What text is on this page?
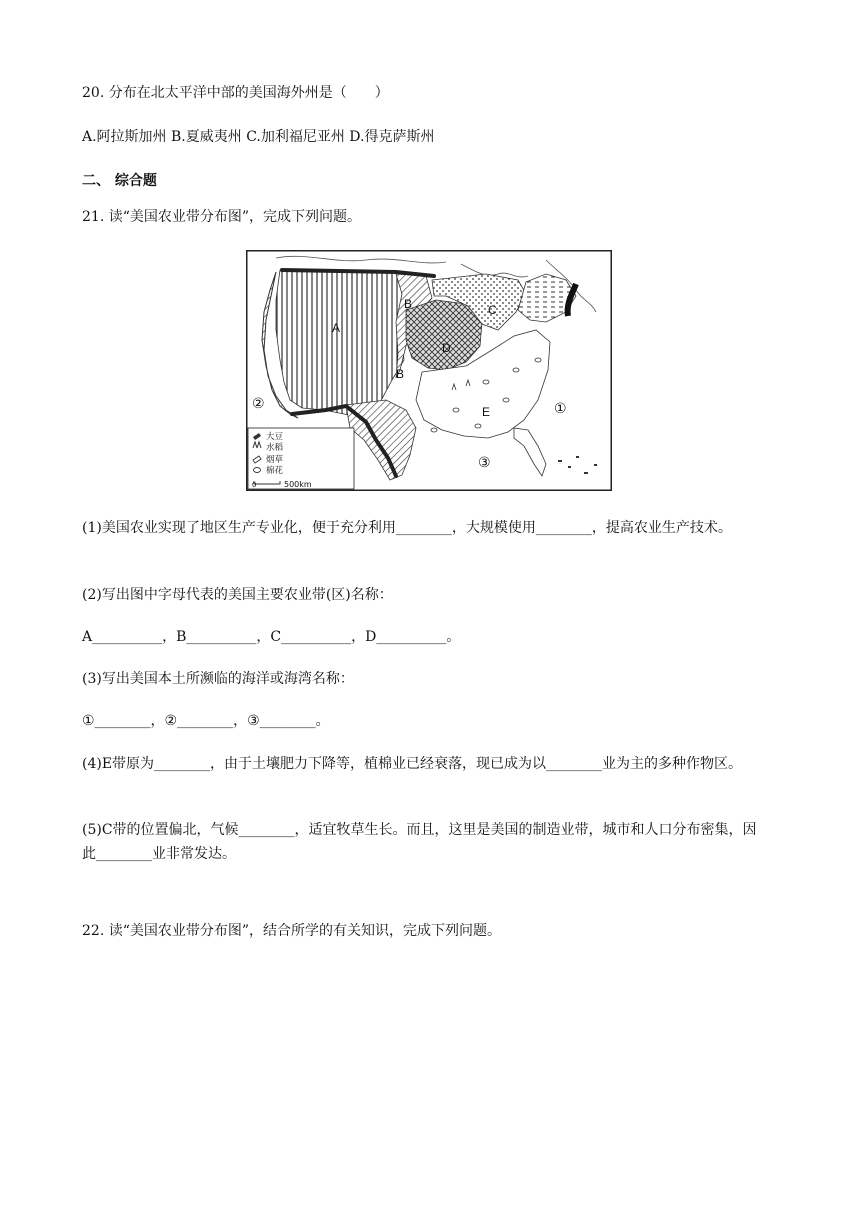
20. 分布在北太平洋中部的美国海外州是（　　）
A.阿拉斯加州 B.夏威夷州 C.加利福尼亚州 D.得克萨斯州
二、 综合题
21. 读“美国农业带分布图”，完成下列问题。
A
B
B
C
D
E	①
②
③
大豆
水稻
烟草
棉花
0	500km
(1)美国农业实现了地区生产专业化，便于充分利用________，大规模使用________，提高农业生产技术。
(2)写出图中字母代表的美国主要农业带(区)名称：
A__________，B__________，C__________，D__________。
(3)写出美国本土所濒临的海洋或海湾名称：
①________，②________，③________。
(4)E带原为________，由于土壤肥力下降等，植棉业已经衰落，现已成为以________业为主的多种作物区。
(5)C带的位置偏北，气候________，适宜牧草生长。而且，这里是美国的制造业带，城市和人口分布密集，因此________业非常发达。
22. 读“美国农业带分布图”，结合所学的有关知识，完成下列问题。
